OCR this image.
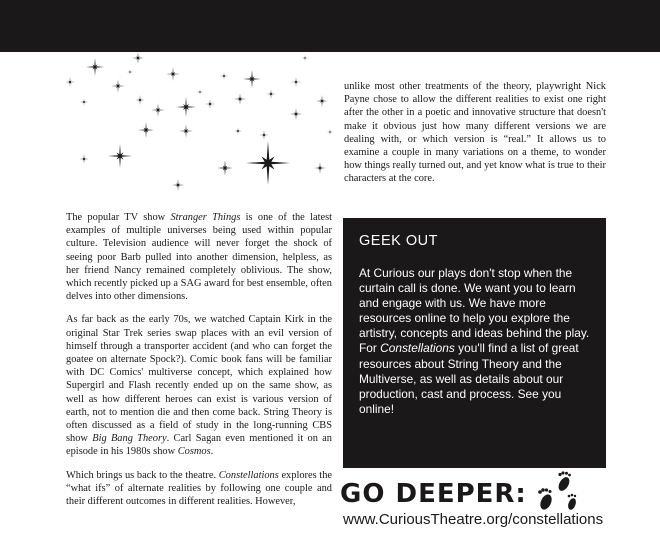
The popular TV show Stranger Things is one of the latest examples of multiple universes being used within popular culture. Television audience will never forget the shock of seeing poor Barb pulled into another dimension, helpless, as her friend Nancy remained completely oblivious. The show, which recently picked up a SAG award for best ensemble, often delves into other dimensions.

As far back as the early 70s, we watched Captain Kirk in the original Star Trek series swap places with an evil version of himself through a transporter accident (and who can forget the goatee on alternate Spock?). Comic book fans will be familiar with DC Comics' multiverse concept, which explained how Supergirl and Flash recently ended up on the same show, as well as how different heroes can exist is various version of earth, not to mention die and then come back. String Theory is often discussed as a field of study in the long-running CBS show Big Bang Theory. Carl Sagan even mentioned it on an episode in his 1980s show Cosmos.

Which brings us back to the theatre. Constellations explores the “what ifs” of alternate realities by following one couple and their different outcomes in different realities. However,

unlike most other treatments of the theory, playwright Nick Payne chose to allow the different realities to exist one right after the other in a poetic and innovative structure that doesn't make it obvious just how many different versions we are dealing with, or which version is “real.” It allows us to examine a couple in many variations on a theme, to wonder how things really turned out, and yet know what is true to their characters at the core.

GEEK OUT

At Curious our plays don't stop when the curtain call is done. We want you to learn and engage with us. We have more resources online to help you explore the artistry, concepts and ideas behind the play. For Constellations you'll find a list of great resources about String Theory and the Multiverse, as well as details about our production, cast and process. See you online!

GO DEEPER:
www.CuriousTheatre.org/constellations
